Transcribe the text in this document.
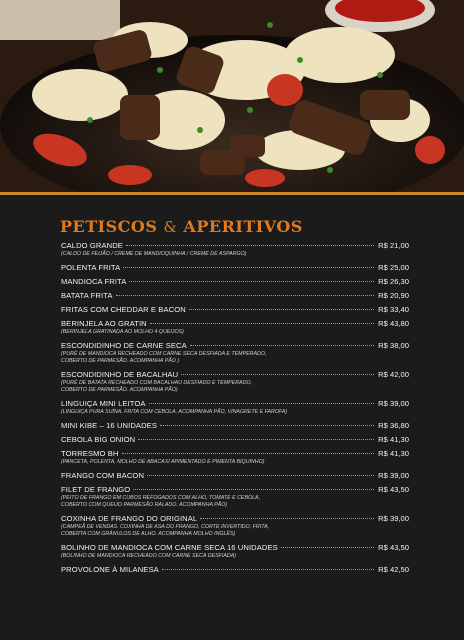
PETISCOS & APERITIVOS
CALDO GRANDE	R$ 21,00
(CALDO DE FEIJÃO / CREME DE MANDIOQUINHA / CREME DE ASPARGO)
POLENTA FRITA	R$ 25,00
MANDIOCA FRITA	R$ 26,30
BATATA FRITA	R$ 20,90
FRITAS COM CHEDDAR E BACON	R$ 33,40
BERINJELA AO GRATIN	R$ 43,80
(BERINJELA GRATINADA AO MOLHO 4 QUEIJOS)
ESCONDIDINHO DE CARNE SECA	R$ 38,00
(PURÊ DE MANDIOCA RECHEADO COM CARNE SECA DESFIADA E TEMPERADO,
COBERTO DE PARMESÃO. ACOMPANHA PÃO )
ESCONDIDINHO DE BACALHAU	R$ 42,00
(PURÊ DE BATATA RECHEADO COM BACALHAU DESFIADO E TEMPERADO,
COBERTO DE PARMESÃO. ACOMPANHA PÃO)
LINGUIÇA MINI LEITOA	R$ 39,00
(LINGUIÇA PURA SUÍNA. FRITA COM CEBOLA. ACOMPANHA PÃO, VINAGRETE E FAROFA)
MINI KIBE – 16 UNIDADES	R$ 36,80
CEBOLA BIG ONION	R$ 41,30
TORRESMO BH	R$ 41,30
(PANCETA, POLENTA, MOLHO DE ABACAXI APIMENTADO E PIMENTA BIQUINHO)
FRANGO COM BACON	R$ 39,00
FILET DE FRANGO	R$ 43,50
(PEITO DE FRANGO EM CUBOS REFOGADOS COM ALHO, TOMATE E CEBOLA,
COBERTO COM QUEIJO PARMESÃO RALADO. ACOMPANHA PÃO)
COXINHA DE FRANGO DO ORIGINAL	R$ 39,00
(CAMPEÃ DE VENDAS. COXINHA DE ASA DO FRANGO, CORTE INVERTIDO, FRITA,
COBERTA COM GRÂNULOS DE ALHO. ACOMPANHA MOLHO INGLÊS)
BOLINHO DE MANDIOCA COM CARNE SECA 16 UNIDADES	R$ 43,50
(BOLINHO DE MANDIOCA RECHEADO COM CARNE SECA DESFIADA)
PROVOLONE À MILANESA	R$ 42,50
